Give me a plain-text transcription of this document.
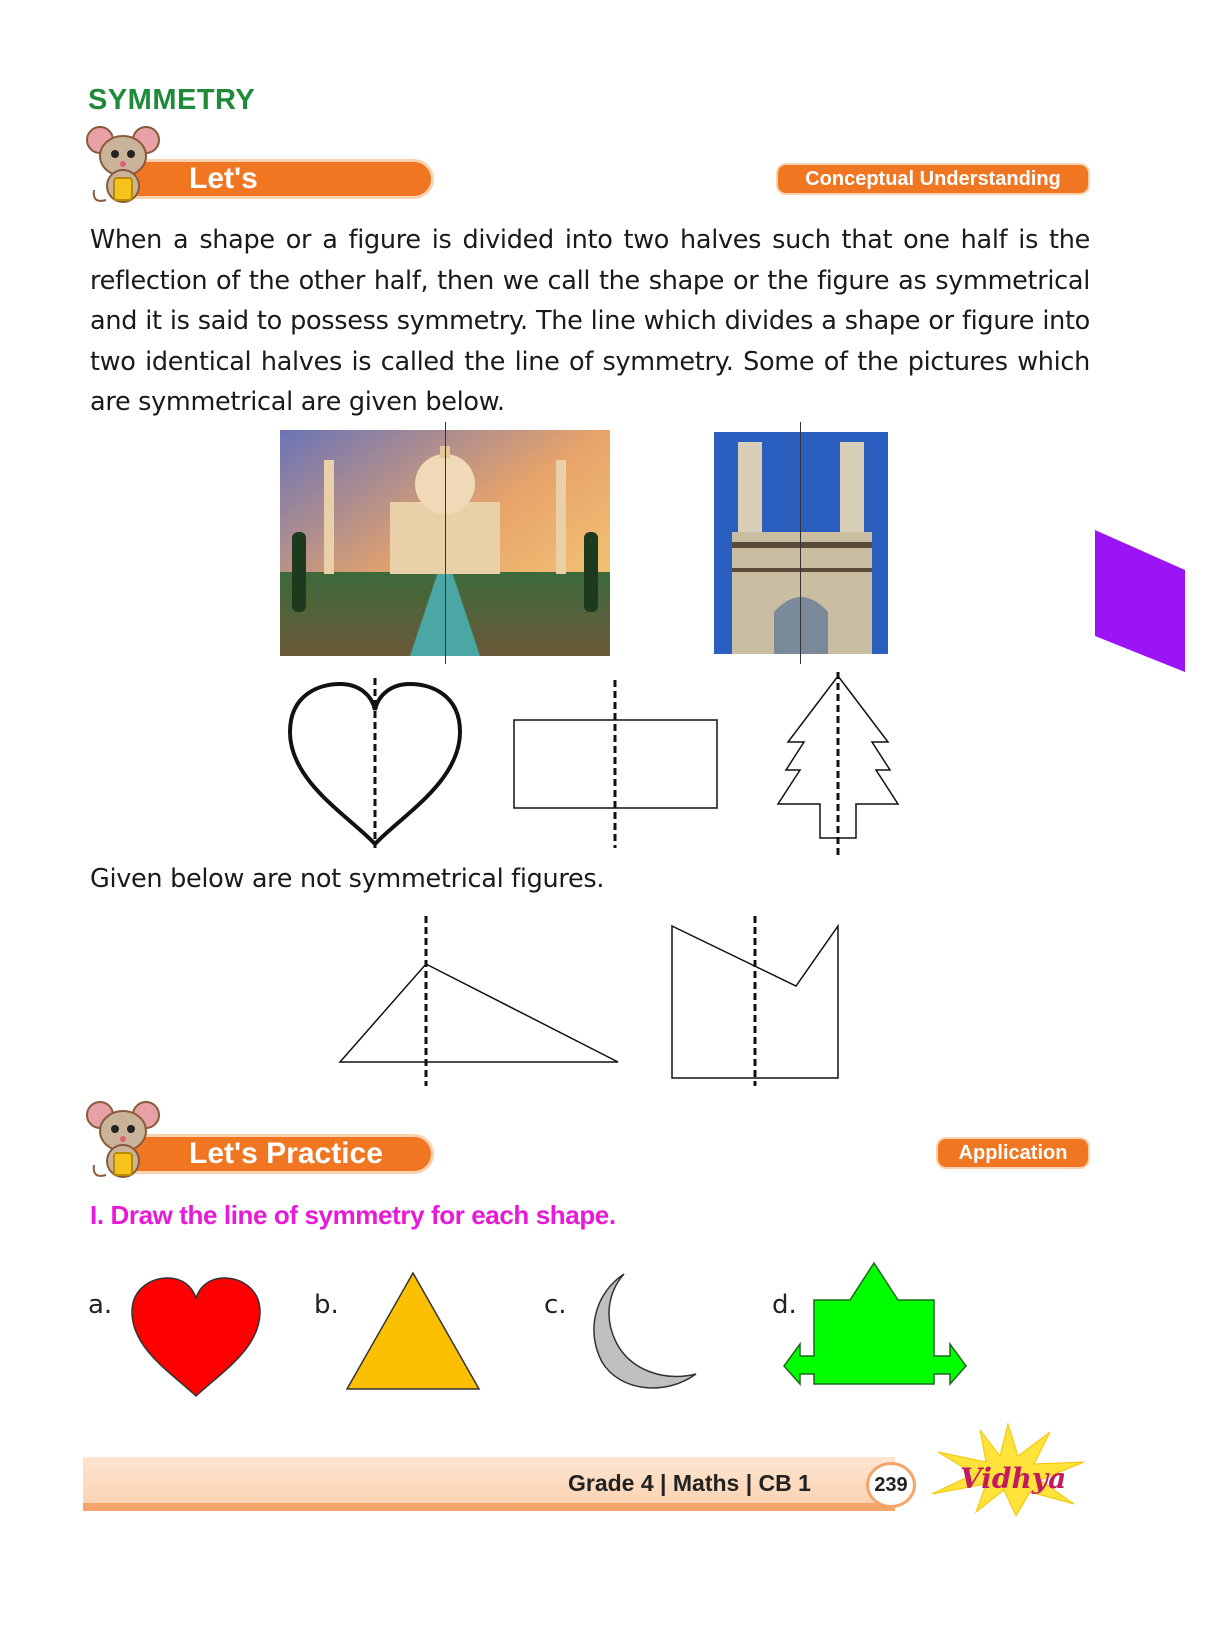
SYMMETRY
Let's Understand
Conceptual Understanding
When a shape or a figure is divided into two halves such that one half is the reflection of the other half, then we call the shape or the figure as symmetrical and it is said to possess symmetry. The line which divides a shape or figure into two identical halves is called the line of symmetry. Some of the pictures which are symmetrical are given below.
Given below are not symmetrical figures.
Let's Practice 7.4
Application
I. Draw the line of symmetry for each shape.
a.	b.	c.	d.
Grade 4 | Maths | CB 1	239 Vidhya
